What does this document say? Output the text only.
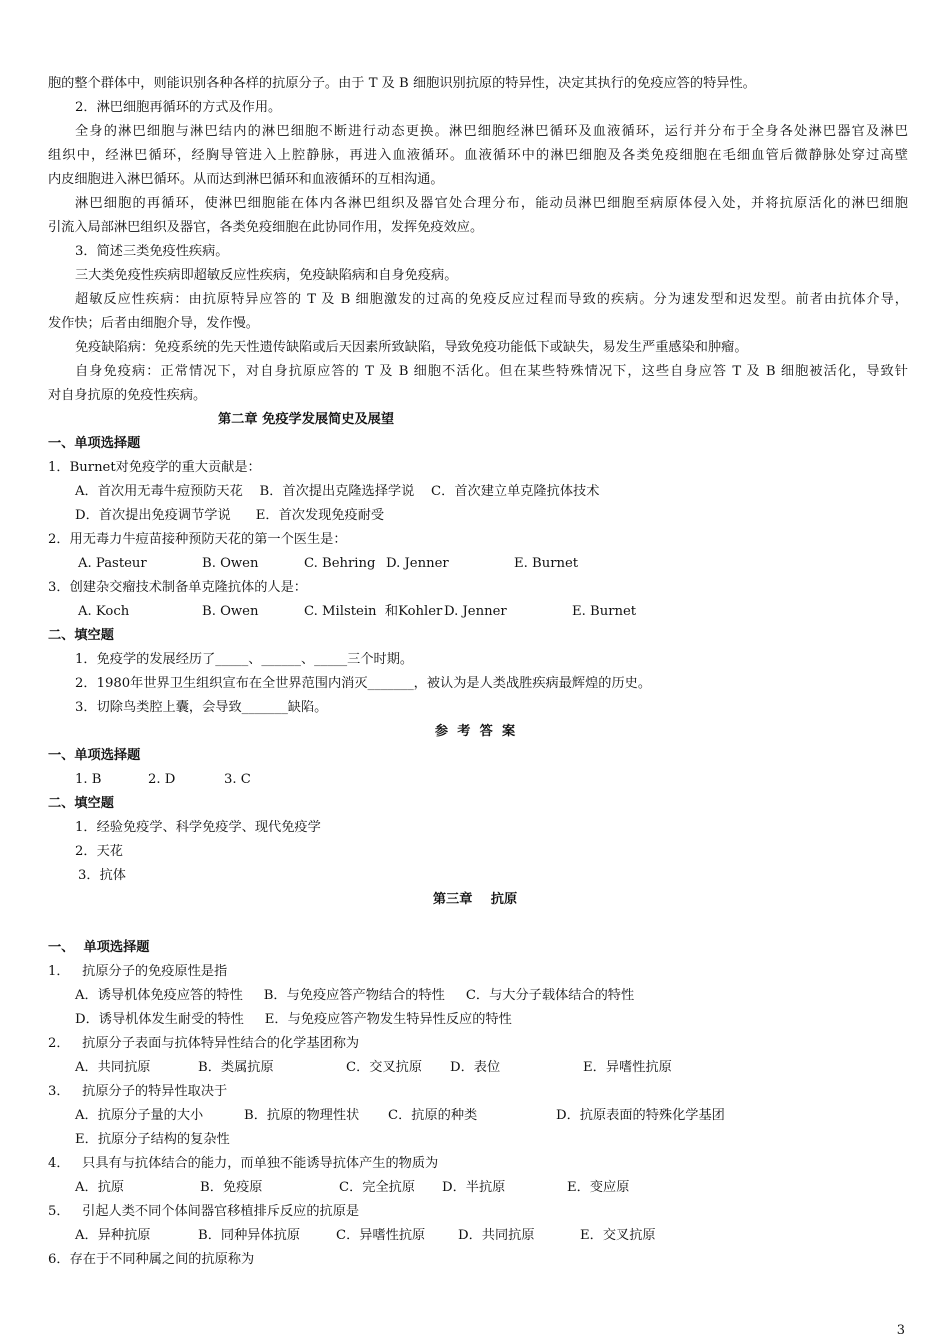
胞的整个群体中，则能识别各种各样的抗原分子。由于 T 及 B 细胞识别抗原的特异性，决定其执行的免疫应答的特异性。
2．淋巴细胞再循环的方式及作用。
全身的淋巴细胞与淋巴结内的淋巴细胞不断进行动态更换。淋巴细胞经淋巴循环及血液循环，运行并分布于全身各处淋巴器官及淋巴
组织中，经淋巴循环，经胸导管进入上腔静脉，再进入血液循环。血液循环中的淋巴细胞及各类免疫细胞在毛细血管后微静脉处穿过高壁
内皮细胞进入淋巴循环。从而达到淋巴循环和血液循环的互相沟通。
淋巴细胞的再循环，使淋巴细胞能在体内各淋巴组织及器官处合理分布，能动员淋巴细胞至病原体侵入处，并将抗原活化的淋巴细胞
引流入局部淋巴组织及器官，各类免疫细胞在此协同作用，发挥免疫效应。
3．简述三类免疫性疾病。
三大类免疫性疾病即超敏反应性疾病，免疫缺陷病和自身免疫病。
超敏反应性疾病：由抗原特异应答的 T 及 B 细胞激发的过高的免疫反应过程而导致的疾病。分为速发型和迟发型。前者由抗体介导，
发作快；后者由细胞介导，发作慢。
免疫缺陷病：免疫系统的先天性遗传缺陷或后天因素所致缺陷，导致免疫功能低下或缺失，易发生严重感染和肿瘤。
自身免疫病：正常情况下，对自身抗原应答的 T 及 B 细胞不活化。但在某些特殊情况下，这些自身应答 T 及 B 细胞被活化，导致针
对自身抗原的免疫性疾病。
第二章 免疫学发展简史及展望
一、单项选择题
1．Burnet对免疫学的重大贡献是：
A．首次用无毒牛痘预防天花    B．首次提出克隆选择学说    C．首次建立单克隆抗体技术
D．首次提出免疫调节学说      E．首次发现免疫耐受
2．用无毒力牛痘苗接种预防天花的第一个医生是：
A. Pasteur	B. Owen	C. Behring D. Jenner	E. Burnet
3．创建杂交瘤技术制备单克隆抗体的人是：
A. Koch	B. Owen	C. Milstein  和Kohler D. Jenner	E. Burnet
二、填空题
1．免疫学的发展经历了_____、______、_____三个时期。
2．1980年世界卫生组织宣布在全世界范围内消灭_______，被认为是人类战胜疾病最辉煌的历史。
3．切除鸟类腔上囊，会导致_______缺陷。
参  考  答  案
一、单项选择题
1. B	2. D	3. C
二、填空题
1．经验免疫学、科学免疫学、现代免疫学
2．天花
3．抗体
第三章    抗原
一、  单项选择题
1．   抗原分子的免疫原性是指
A．诱导机体免疫应答的特性     B．与免疫应答产物结合的特性     C．与大分子载体结合的特性
D．诱导机体发生耐受的特性     E．与免疫应答产物发生特异性反应的特性
2．   抗原分子表面与抗体特异性结合的化学基团称为
A．共同抗原	B．类属抗原	C．交叉抗原 D．表位	E．异嗜性抗原
3．   抗原分子的特异性取决于
A．抗原分子量的大小	B．抗原的物理性状 C．抗原的种类	D．抗原表面的特殊化学基团
E．抗原分子结构的复杂性
4．   只具有与抗体结合的能力，而单独不能诱导抗体产生的物质为
A．抗原	B．免疫原	C．完全抗原 D．半抗原	E．变应原
5．   引起人类不同个体间器官移植排斥反应的抗原是
A．异种抗原	B．同种异体抗原	C．异嗜性抗原 D．共同抗原	E．交叉抗原
6．存在于不同种属之间的抗原称为
3
